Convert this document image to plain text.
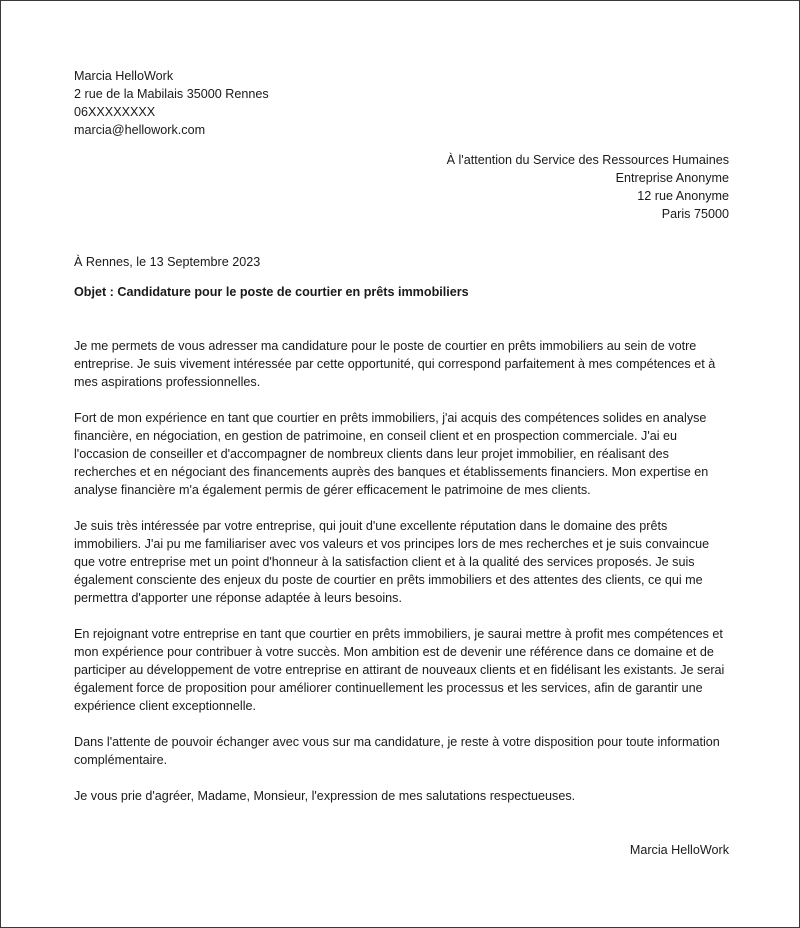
Marcia HelloWork

2 rue de la Mabilais 35000 Rennes

06XXXXXXXX

marcia@hellowork.com

À l'attention du Service des Ressources Humaines

Entreprise Anonyme

12 rue Anonyme

Paris 75000

À Rennes, le 13 Septembre 2023
Objet : Candidature pour le poste de courtier en prêts immobiliers

Je me permets de vous adresser ma candidature pour le poste de courtier en prêts immobiliers au sein de votre entreprise. Je suis vivement intéressée par cette opportunité, qui correspond parfaitement à mes compétences et à mes aspirations professionnelles.

Fort de mon expérience en tant que courtier en prêts immobiliers, j'ai acquis des compétences solides en analyse financière, en négociation, en gestion de patrimoine, en conseil client et en prospection commerciale. J'ai eu l'occasion de conseiller et d'accompagner de nombreux clients dans leur projet immobilier, en réalisant des recherches et en négociant des financements auprès des banques et établissements financiers. Mon expertise en analyse financière m'a également permis de gérer efficacement le patrimoine de mes clients.

Je suis très intéressée par votre entreprise, qui jouit d'une excellente réputation dans le domaine des prêts immobiliers. J'ai pu me familiariser avec vos valeurs et vos principes lors de mes recherches et je suis convaincue que votre entreprise met un point d'honneur à la satisfaction client et à la qualité des services proposés. Je suis également consciente des enjeux du poste de courtier en prêts immobiliers et des attentes des clients, ce qui me permettra d'apporter une réponse adaptée à leurs besoins.

En rejoignant votre entreprise en tant que courtier en prêts immobiliers, je saurai mettre à profit mes compétences et mon expérience pour contribuer à votre succès. Mon ambition est de devenir une référence dans ce domaine et de participer au développement de votre entreprise en attirant de nouveaux clients et en fidélisant les existants. Je serai également force de proposition pour améliorer continuellement les processus et les services, afin de garantir une expérience client exceptionnelle.

Dans l'attente de pouvoir échanger avec vous sur ma candidature, je reste à votre disposition pour toute information complémentaire.

Je vous prie d'agréer, Madame, Monsieur, l'expression de mes salutations respectueuses.

Marcia HelloWork
